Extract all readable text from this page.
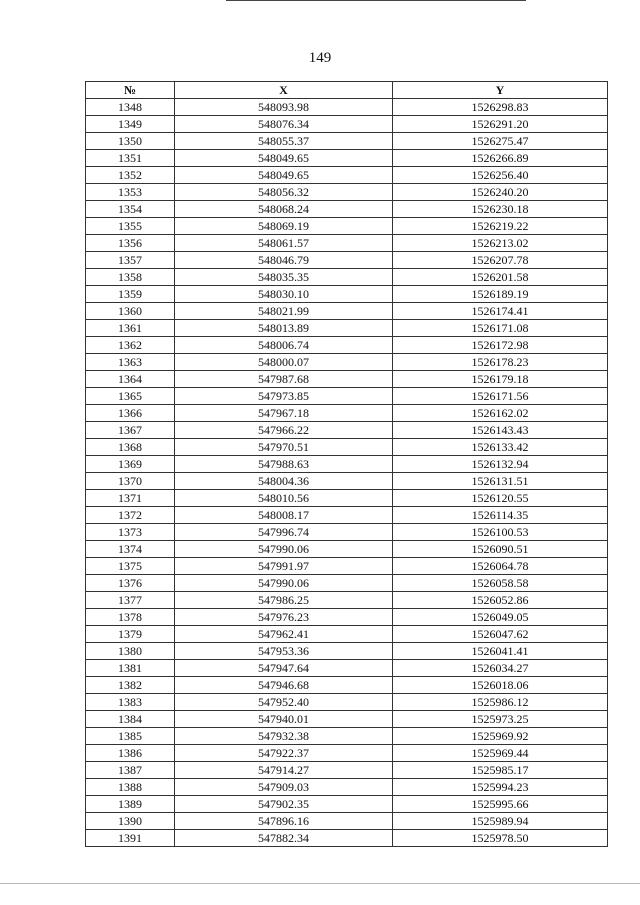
149
№	X	Y
1348	548093.98	1526298.83
1349	548076.34	1526291.20
1350	548055.37	1526275.47
1351	548049.65	1526266.89
1352	548049.65	1526256.40
1353	548056.32	1526240.20
1354	548068.24	1526230.18
1355	548069.19	1526219.22
1356	548061.57	1526213.02
1357	548046.79	1526207.78
1358	548035.35	1526201.58
1359	548030.10	1526189.19
1360	548021.99	1526174.41
1361	548013.89	1526171.08
1362	548006.74	1526172.98
1363	548000.07	1526178.23
1364	547987.68	1526179.18
1365	547973.85	1526171.56
1366	547967.18	1526162.02
1367	547966.22	1526143.43
1368	547970.51	1526133.42
1369	547988.63	1526132.94
1370	548004.36	1526131.51
1371	548010.56	1526120.55
1372	548008.17	1526114.35
1373	547996.74	1526100.53
1374	547990.06	1526090.51
1375	547991.97	1526064.78
1376	547990.06	1526058.58
1377	547986.25	1526052.86
1378	547976.23	1526049.05
1379	547962.41	1526047.62
1380	547953.36	1526041.41
1381	547947.64	1526034.27
1382	547946.68	1526018.06
1383	547952.40	1525986.12
1384	547940.01	1525973.25
1385	547932.38	1525969.92
1386	547922.37	1525969.44
1387	547914.27	1525985.17
1388	547909.03	1525994.23
1389	547902.35	1525995.66
1390	547896.16	1525989.94
1391	547882.34	1525978.50
